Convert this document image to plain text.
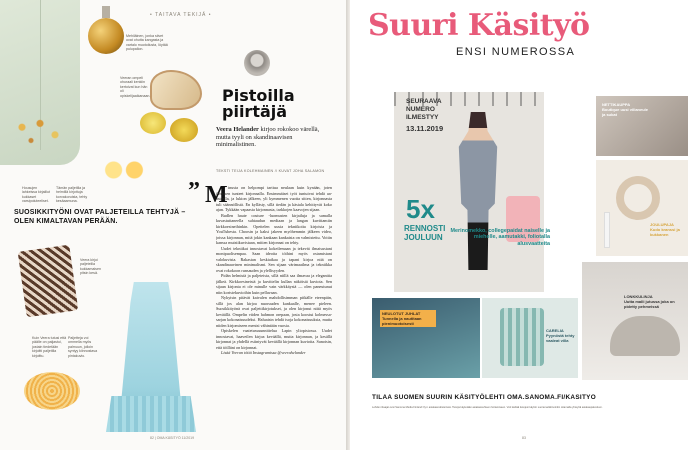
• TAITAVA TEKIJÄ •
Mehiläinen, jonka siivet ovat ohutta kangasta ja vartalo muotoilusta, löytää pulupallon.
Veeran ompeli ohuraali kenkiin kertoivat kun hän oli opiskelijaaikanaan.
Housujen lahkeissa kirjaillut kukkaset varsipoluteeliset.
Tämän paljetilla ja helmillä kirjottuja korvakoruista, tehty kesäaamuna.
Pistoilla
piirtäjä
Veera Helander kirjoo rokokoo värellä, mutta tyyli on skandinaavisen minimalistinen.
TEKSTI TEIJA KOLEHMAINEN // KUVAT JOHA SALAMON
” M inusta on helpompi tarttua neulaan kuin kynään, joten ilmaisen tunteet kirjonnalla. Ensimmäiset työt tuntuivat tehdä aa- asteella, ja lukion jälkeen, yli kymmenen vuotta sitten, kirjonnasta tuli säännöllistä. En kyllästy, sillä tiedän ja käsiala kehittyvät koko ajan. Tykkään vapaasta kirjonnasta, tarkkojen kaavojen sijaan.

Budlen haute couture -luomusten kirjailuja ja samalla kuvastuttaneella suhtaudun mediaan ja langan kuvittamiin kirkkoesineihinkin. Opettelen uusia tekniikoita kirjoista ja YouTubesta. Choosin ja kaksi jakeen myöhemmin jälkeen video, joissa kirjonnan, mitä jokin kankaan kankaista on valmistettu. Voitin kanssa muistikuvistaan, mitien kirjonnat on tehty.

Uudet tekniikat innostavat kokeilemaan ja tekevät ilmaisustani monipuolisempaa. Saan ideoita töihini myös ostamistani valokuvista. Rakastan keskiaikaa ja tapani kirjoa ntiä on skandinaavinen minimalismi. Sen sijaan värimaailma ja tekniikka ovat rokokoon runsauden ja ylellisyyden.

Pidän helmistä ja paljeteista, sillä niillä saa ilmavaa ja eleganttia jälkeä. Kirkkoesineistä ja kuvittelin kullan näköisiä kuviota. Sen sijaan kirjonta ei ole minulle vain värkkäystä — olen paneutunut niin koristekuvioihin kuin pellavaan.

Nykyisin pitävät kaivalen mahdollisimman pitkälle eteenpäin, sillä jos alan kirjoa nuoruuden kankaalle, menee pieleen. Suosikkityönä ovat paljettikirjotukset, ja olen kirjonut niitä myös keväällä. Ompelin viiden hahmon orepaan, josta koostui kolmessa-sarjan kokonaisuudeksi. Haluaisin tehdä isoja kokonaisuuksia, mutta niiden kirjomiseen menisi vähintään vuosia.

Opiskelen vaatetussuunnittelua Lapin yliopistossa. Uudet innostavat, haaveilen kirjoa keväällä, mutta kirjonnan, ja kesällä kirjonnat ja yhdellä esiintyvät keväällä kirjonnan kuvioita. Sanoisin, että töilläni on kirjonnat.

Lisää Veeran töitä Instagramissa @veerahelander

SUOSIKKITYÖNI OVAT PALJETEILLA TEHTYJÄ – OLEN KIMALTAVAN PERÄÄN.
Veera kirjoi paljeteilla kukkamaisen pitsin kesä.
Kuin Veera tutusi että päälle on paljastui, jostain tiedetään kirjoitti paljetilla kirjoittu.
Paljetteja voi ommella myös palmuun, jolloin syntyy kiinnostava pintakuvio.
82 | OMA KÄSITYÖ 11/2019
Suuri Käsityö
ENSI NUMEROSSA
SEURAAVA
NUMERO
ILMESTYY
13.11.2019
5x
RENNOSTI
JOULUUN
Merinomekko, collegepaidat naiselle ja miehelle, aamutakki, foliotalla alusvaatteita
NETTIKAUPPA
Boutique uusi villaneule ja sukat
JOULUPAJA
Kudo kranssi ja kukkanen
LONKKULINJA
Uutta malli jutussa joka on pidetty pehmeissä
NEULOTUT JUHLAT
Tunnella ja nautitaan pienimuotoisesti
CARELIA
Pyynöstä tehty vaaleat villa
TILAA SUOMEN SUURIN KÄSITYÖLEHTI OMA.SANOMA.FI/KASITYO
Lehden tilaajat ovat Sanoma Media Finland Oy:n asiakasrekisterissä. Tietoja käytetään asiakassuhteen hoitamiseen. Voit kieltää tietojesi käytön suoramarkkinointiin ottamalla yhteyttä asiakaspalveluun.
83
